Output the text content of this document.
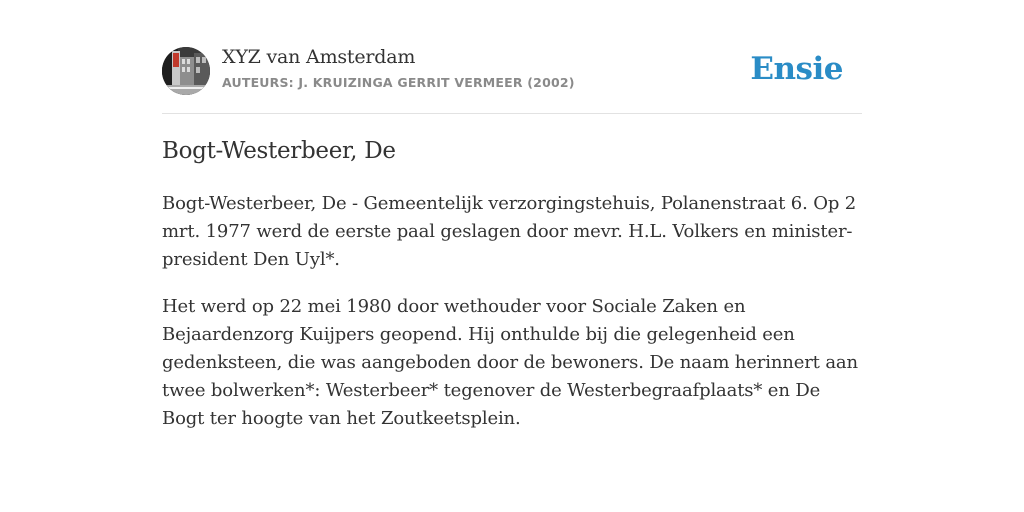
XYZ van Amsterdam
AUTEURS: J. KRUIZINGA GERRIT VERMEER (2002)	Ensie
Bogt-Westerbeer, De

Bogt-Westerbeer, De - Gemeentelijk verzorgingstehuis, Polanenstraat 6. Op 2 mrt. 1977 werd de eerste paal geslagen door mevr. H.L. Volkers en minister-president Den Uyl*.

Het werd op 22 mei 1980 door wethouder voor Sociale Zaken en Bejaardenzorg Kuijpers geopend. Hij onthulde bij die gelegenheid een gedenksteen, die was aangeboden door de bewoners. De naam herinnert aan twee bolwerken*: Westerbeer* tegenover de Westerbegraafplaats* en De Bogt ter hoogte van het Zoutkeetsplein.
